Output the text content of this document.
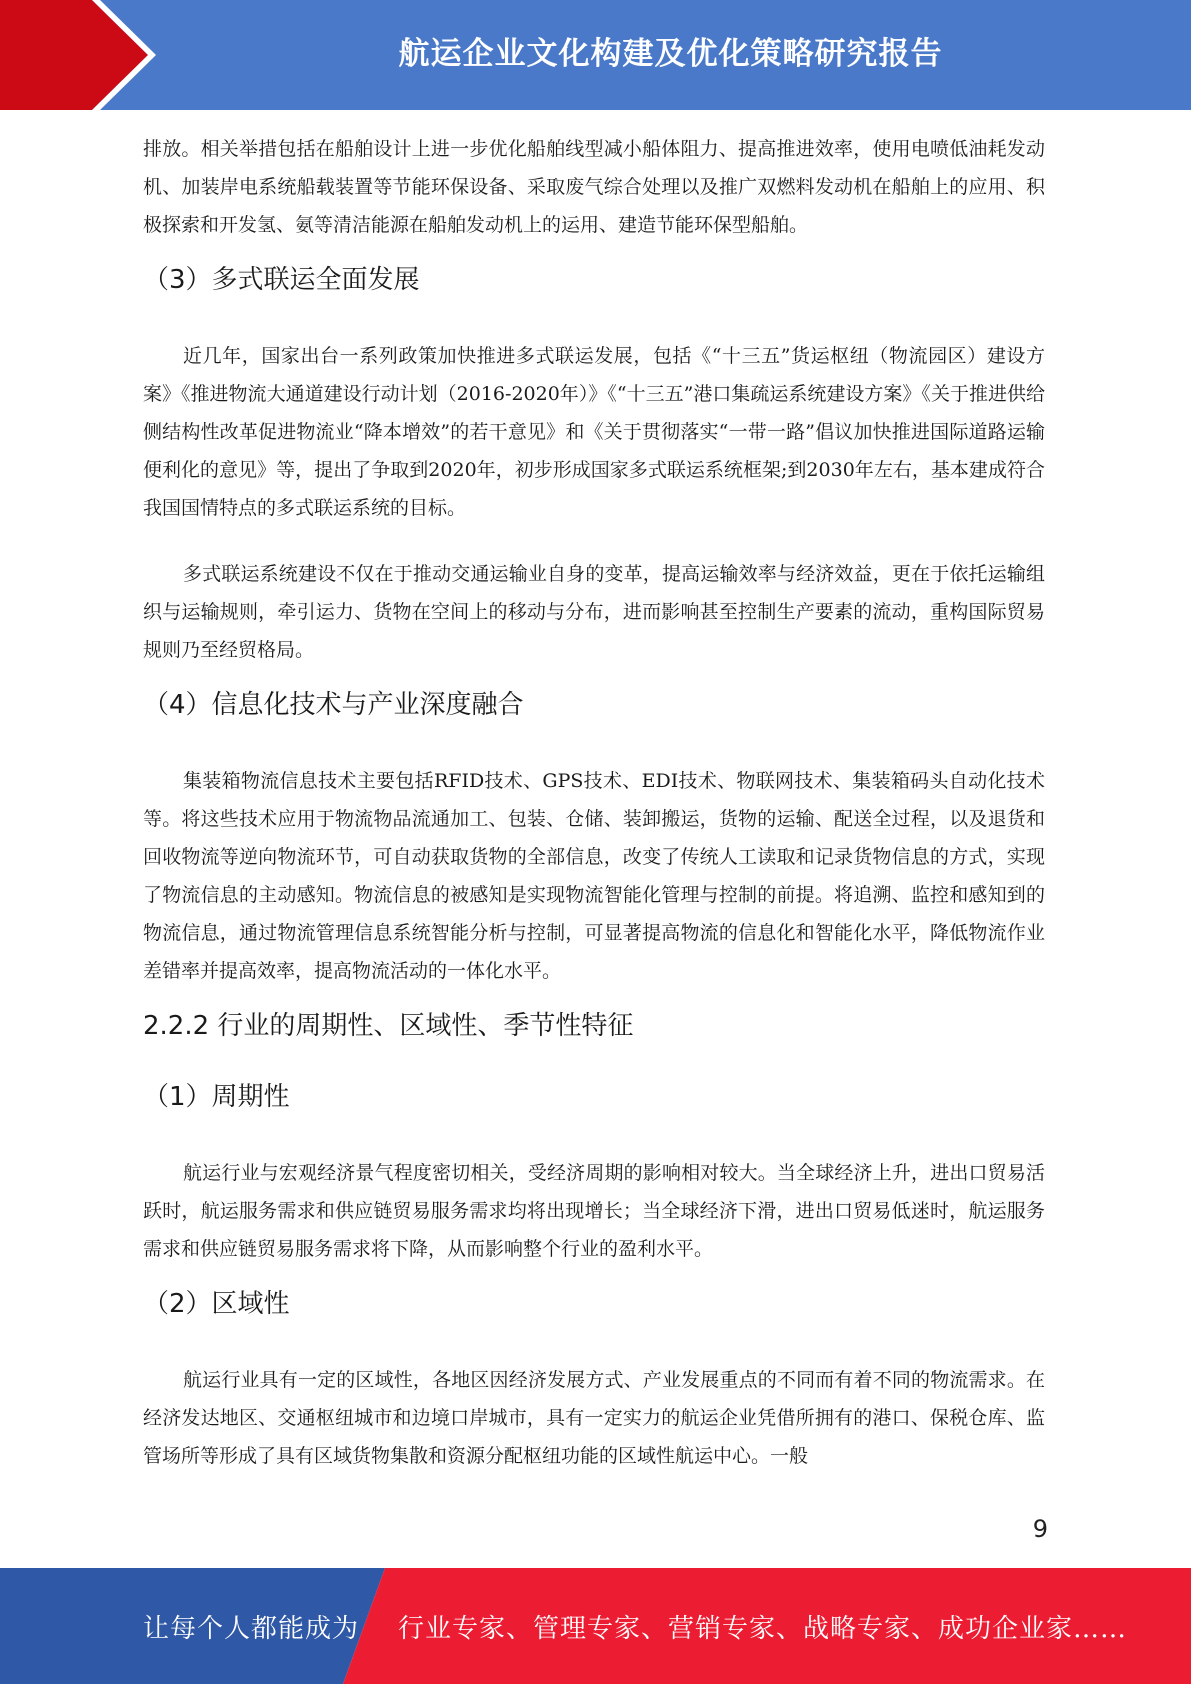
航运企业文化构建及优化策略研究报告

排放。相关举措包括在船舶设计上进一步优化船舶线型减小船体阻力、提高推进效率，使用电喷低油耗发动机、加装岸电系统船载装置等节能环保设备、采取废气综合处理以及推广双燃料发动机在船舶上的应用、积极探索和开发氢、氨等清洁能源在船舶发动机上的运用、建造节能环保型船舶。

（3）多式联运全面发展

近几年，国家出台一系列政策加快推进多式联运发展，包括《“十三五”货运枢纽（物流园区）建设方案》《推进物流大通道建设行动计划（2016-2020年）》《“十三五”港口集疏运系统建设方案》《关于推进供给侧结构性改革促进物流业“降本增效”的若干意见》和《关于贯彻落实“一带一路”倡议加快推进国际道路运输便利化的意见》等，提出了争取到2020年，初步形成国家多式联运系统框架;到2030年左右，基本建成符合我国国情特点的多式联运系统的目标。

多式联运系统建设不仅在于推动交通运输业自身的变革，提高运输效率与经济效益，更在于依托运输组织与运输规则，牵引运力、货物在空间上的移动与分布，进而影响甚至控制生产要素的流动，重构国际贸易规则乃至经贸格局。

（4）信息化技术与产业深度融合

集装箱物流信息技术主要包括RFID技术、GPS技术、EDI技术、物联网技术、集装箱码头自动化技术等。将这些技术应用于物流物品流通加工、包装、仓储、装卸搬运，货物的运输、配送全过程，以及退货和回收物流等逆向物流环节，可自动获取货物的全部信息，改变了传统人工读取和记录货物信息的方式，实现了物流信息的主动感知。物流信息的被感知是实现物流智能化管理与控制的前提。将追溯、监控和感知到的物流信息，通过物流管理信息系统智能分析与控制，可显著提高物流的信息化和智能化水平，降低物流作业差错率并提高效率，提高物流活动的一体化水平。

2.2.2 行业的周期性、区域性、季节性特征
（1）周期性

航运行业与宏观经济景气程度密切相关，受经济周期的影响相对较大。当全球经济上升，进出口贸易活跃时，航运服务需求和供应链贸易服务需求均将出现增长；当全球经济下滑，进出口贸易低迷时，航运服务需求和供应链贸易服务需求将下降，从而影响整个行业的盈利水平。

（2）区域性

航运行业具有一定的区域性，各地区因经济发展方式、产业发展重点的不同而有着不同的物流需求。在经济发达地区、交通枢纽城市和边境口岸城市，具有一定实力的航运企业凭借所拥有的港口、保税仓库、监管场所等形成了具有区域货物集散和资源分配枢纽功能的区域性航运中心。一般

9
让每个人都能成为 行业专家、管理专家、营销专家、战略专家、成功企业家……
